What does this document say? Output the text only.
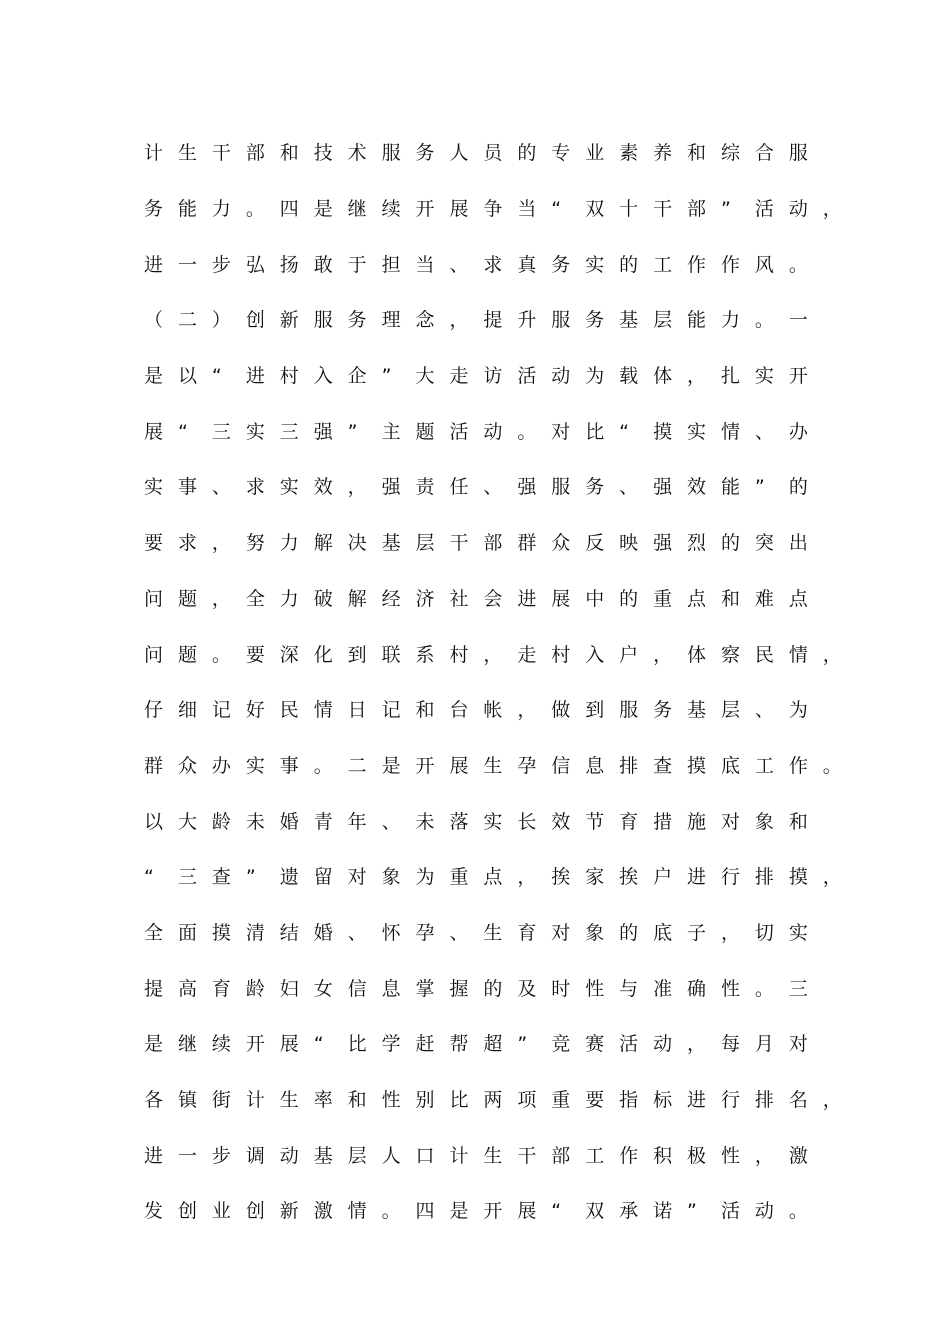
计 生 干 部 和 技 术 服 务 人 员 的 专 业 素 养 和 综 合 服
务 能 力 。 四 是 继 续 开 展 争 当 “	双 十 干 部 ”	活 动 ，
进 一 步 弘 扬 敢 于 担 当 、 求 真 务 实 的 工 作 作 风 。
（ 二 ） 创 新 服 务 理 念 ， 提 升 服 务 基 层 能 力 。 一
是 以 “	进 村 入 企 ”	大 走 访 活 动 为 载 体 ， 扎 实 开
展 “	三 实 三 强 ”	主 题 活 动 。 对 比 “	摸 实 情 、 办
实 事 、 求 实 效 ， 强 责 任 、 强 服 务 、 强 效 能 ”	的
要 求 ， 努 力 解 决 基 层 干 部 群 众 反 映 强 烈 的 突 出
问 题 ， 全 力 破 解 经 济 社 会 进 展 中 的 重 点 和 难 点
问 题 。 要 深 化 到 联 系 村 ， 走 村 入 户 ， 体 察 民 情 ，
仔 细 记 好 民 情 日 记 和 台 帐 ， 做 到 服 务 基 层 、 为
群 众 办 实 事 。 二 是 开 展 生 孕 信 息 排 查 摸 底 工 作 。
以 大 龄 未 婚 青 年 、 未 落 实 长 效 节 育 措 施 对 象 和
“	三 查 ”	遗 留 对 象 为 重 点 ， 挨 家 挨 户 进 行 排 摸 ，
全 面 摸 清 结 婚 、 怀 孕 、 生 育 对 象 的 底 子 ， 切 实
提 高 育 龄 妇 女 信 息 掌 握 的 及 时 性 与 准 确 性 。 三
是 继 续 开 展 “	比 学 赶 帮 超 ”	竞 赛 活 动 ， 每 月 对
各 镇 街 计 生 率 和 性 别 比 两 项 重 要 指 标 进 行 排 名 ，
进 一 步 调 动 基 层 人 口 计 生 干 部 工 作 积 极 性 ， 激
发 创 业 创 新 激 情 。 四 是 开 展 “	双 承 诺 ”	活 动 。
